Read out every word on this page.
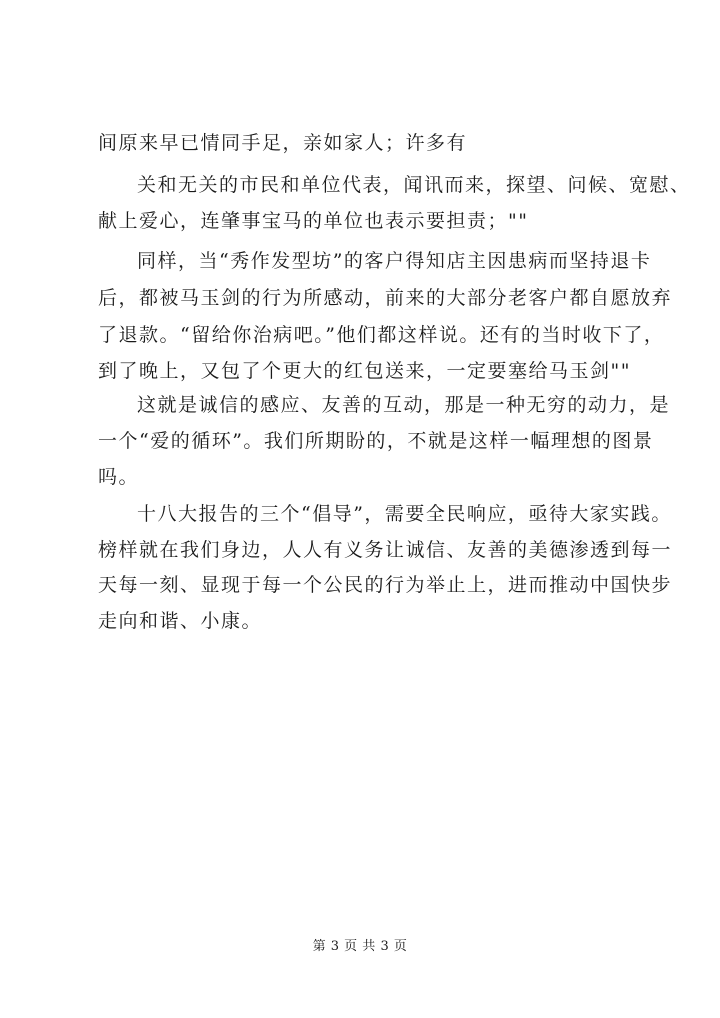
间原来早已情同手足，亲如家人；许多有
关和无关的市民和单位代表，闻讯而来，探望、问候、宽慰、
献上爱心，连肇事宝马的单位也表示要担责；""
同样，当“秀作发型坊”的客户得知店主因患病而坚持退卡
后，都被马玉剑的行为所感动，前来的大部分老客户都自愿放弃
了退款。“留给你治病吧。”他们都这样说。还有的当时收下了，
到了晚上，又包了个更大的红包送来，一定要塞给马玉剑""
这就是诚信的感应、友善的互动，那是一种无穷的动力，是
一个“爱的循环”。我们所期盼的，不就是这样一幅理想的图景
吗。
十八大报告的三个“倡导”，需要全民响应，亟待大家实践。
榜样就在我们身边，人人有义务让诚信、友善的美德渗透到每一
天每一刻、显现于每一个公民的行为举止上，进而推动中国快步
走向和谐、小康。
第 3 页 共 3 页
